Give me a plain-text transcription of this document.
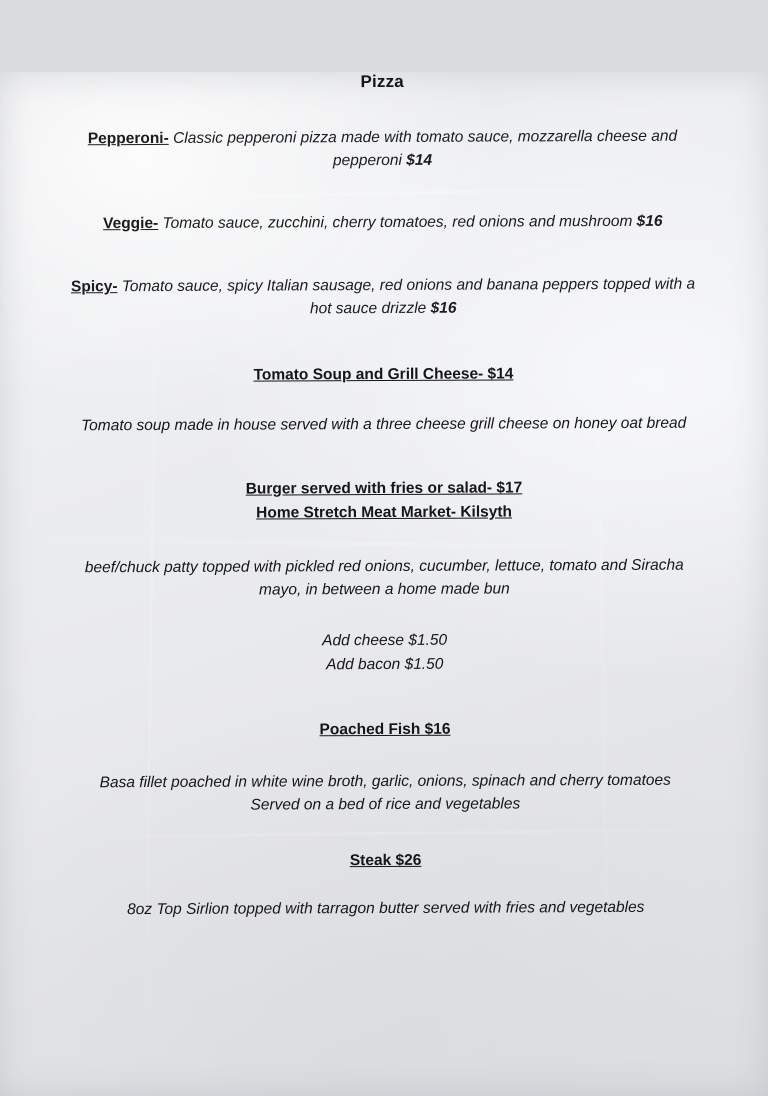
Pizza
Pepperoni- Classic pepperoni pizza made with tomato sauce, mozzarella cheese and pepperoni $14
Veggie- Tomato sauce, zucchini, cherry tomatoes, red onions and mushroom $16
Spicy- Tomato sauce, spicy Italian sausage, red onions and banana peppers topped with a hot sauce drizzle $16
Tomato Soup and Grill Cheese- $14
Tomato soup made in house served with a three cheese grill cheese on honey oat bread
Burger served with fries or salad- $17
Home Stretch Meat Market- Kilsyth
beef/chuck patty topped with pickled red onions, cucumber, lettuce, tomato and Siracha mayo, in between a home made bun
Add cheese $1.50
Add bacon $1.50
Poached Fish $16
Basa fillet poached in white wine broth, garlic, onions, spinach and cherry tomatoes
Served on a bed of rice and vegetables
Steak $26
8oz Top Sirlion topped with tarragon butter served with fries and vegetables
